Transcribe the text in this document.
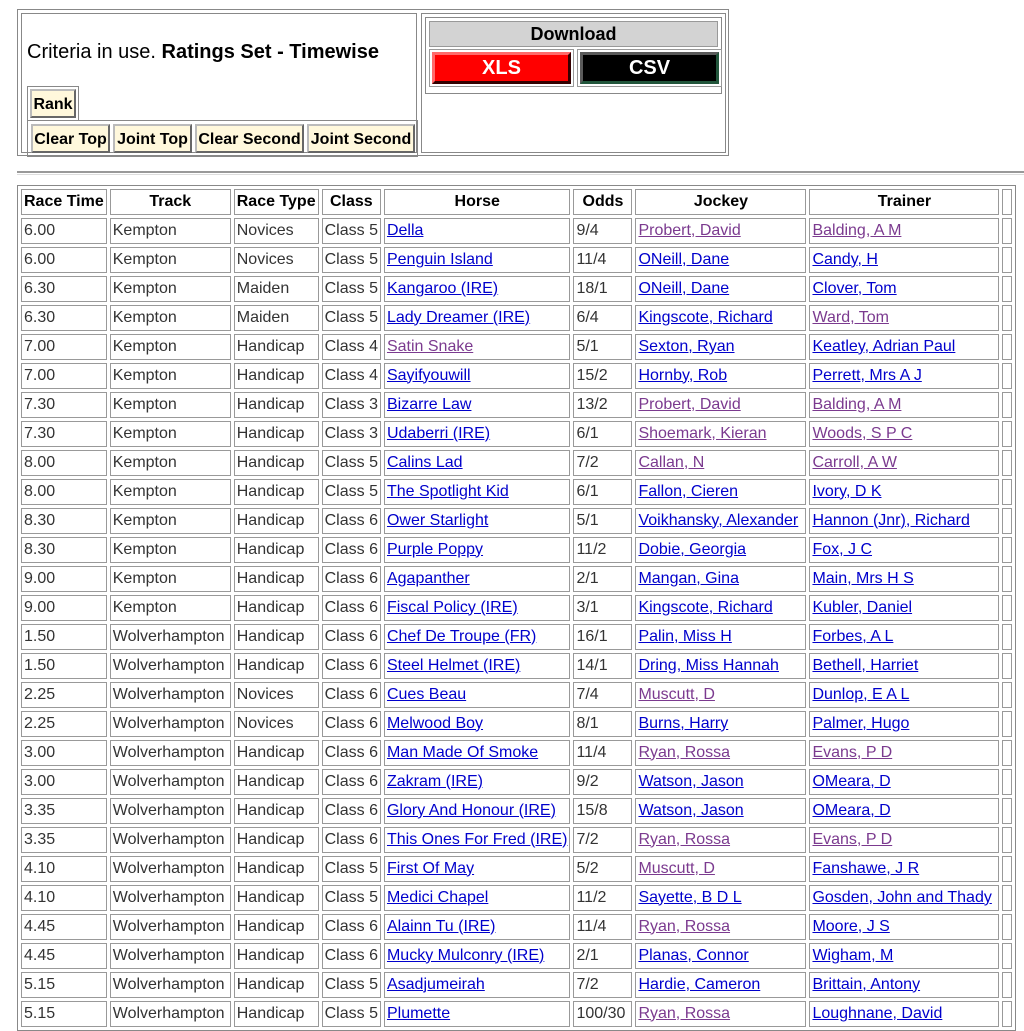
Criteria in use. Ratings Set - Timewise
Rank
Clear Top Joint Top Clear Second Joint Second
Download
XLS	CSV
Race Time	Track	Race Type	Class	Horse	Odds	Jockey	Trainer	
6.00	Kempton	Novices	Class 5	Della	9/4	Probert, David	Balding, A M	
6.00	Kempton	Novices	Class 5	Penguin Island	11/4	ONeill, Dane	Candy, H	
6.30	Kempton	Maiden	Class 5	Kangaroo (IRE)	18/1	ONeill, Dane	Clover, Tom	
6.30	Kempton	Maiden	Class 5	Lady Dreamer (IRE)	6/4	Kingscote, Richard	Ward, Tom	
7.00	Kempton	Handicap	Class 4	Satin Snake	5/1	Sexton, Ryan	Keatley, Adrian Paul	
7.00	Kempton	Handicap	Class 4	Sayifyouwill	15/2	Hornby, Rob	Perrett, Mrs A J	
7.30	Kempton	Handicap	Class 3	Bizarre Law	13/2	Probert, David	Balding, A M	
7.30	Kempton	Handicap	Class 3	Udaberri (IRE)	6/1	Shoemark, Kieran	Woods, S P C	
8.00	Kempton	Handicap	Class 5	Calins Lad	7/2	Callan, N	Carroll, A W	
8.00	Kempton	Handicap	Class 5	The Spotlight Kid	6/1	Fallon, Cieren	Ivory, D K	
8.30	Kempton	Handicap	Class 6	Ower Starlight	5/1	Voikhansky, Alexander	Hannon (Jnr), Richard	
8.30	Kempton	Handicap	Class 6	Purple Poppy	11/2	Dobie, Georgia	Fox, J C	
9.00	Kempton	Handicap	Class 6	Agapanther	2/1	Mangan, Gina	Main, Mrs H S	
9.00	Kempton	Handicap	Class 6	Fiscal Policy (IRE)	3/1	Kingscote, Richard	Kubler, Daniel	
1.50	Wolverhampton	Handicap	Class 6	Chef De Troupe (FR)	16/1	Palin, Miss H	Forbes, A L	
1.50	Wolverhampton	Handicap	Class 6	Steel Helmet (IRE)	14/1	Dring, Miss Hannah	Bethell, Harriet	
2.25	Wolverhampton	Novices	Class 6	Cues Beau	7/4	Muscutt, D	Dunlop, E A L	
2.25	Wolverhampton	Novices	Class 6	Melwood Boy	8/1	Burns, Harry	Palmer, Hugo	
3.00	Wolverhampton	Handicap	Class 6	Man Made Of Smoke	11/4	Ryan, Rossa	Evans, P D	
3.00	Wolverhampton	Handicap	Class 6	Zakram (IRE)	9/2	Watson, Jason	OMeara, D	
3.35	Wolverhampton	Handicap	Class 6	Glory And Honour (IRE)	15/8	Watson, Jason	OMeara, D	
3.35	Wolverhampton	Handicap	Class 6	This Ones For Fred (IRE)	7/2	Ryan, Rossa	Evans, P D	
4.10	Wolverhampton	Handicap	Class 5	First Of May	5/2	Muscutt, D	Fanshawe, J R	
4.10	Wolverhampton	Handicap	Class 5	Medici Chapel	11/2	Sayette, B D L	Gosden, John and Thady	
4.45	Wolverhampton	Handicap	Class 6	Alainn Tu (IRE)	11/4	Ryan, Rossa	Moore, J S	
4.45	Wolverhampton	Handicap	Class 6	Mucky Mulconry (IRE)	2/1	Planas, Connor	Wigham, M	
5.15	Wolverhampton	Handicap	Class 5	Asadjumeirah	7/2	Hardie, Cameron	Brittain, Antony	
5.15	Wolverhampton	Handicap	Class 5	Plumette	100/30	Ryan, Rossa	Loughnane, David	
